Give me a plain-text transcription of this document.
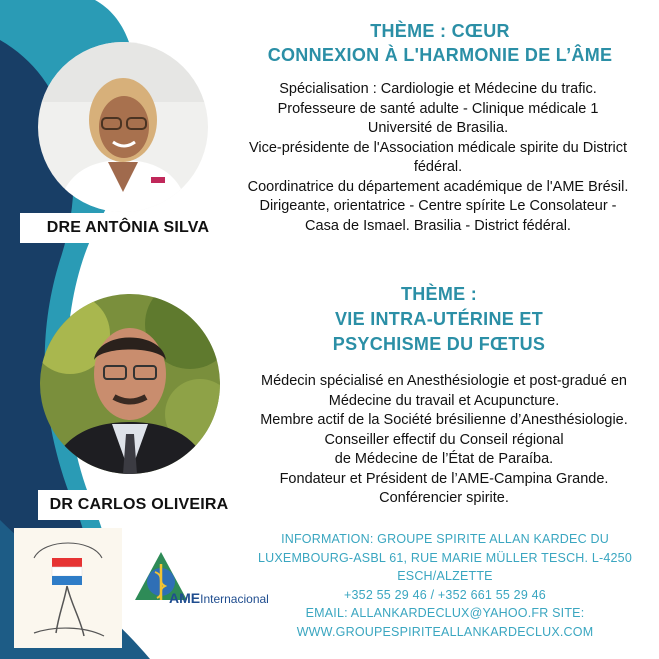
DRE ANTÔNIA SILVA
THÈME : CŒUR
CONNEXION À L'HARMONIE DE L’ÂME
Spécialisation : Cardiologie et Médecine du trafic.
Professeure de santé adulte - Clinique médicale 1
Université de Brasilia.
Vice-présidente de l'Association médicale spirite du District
fédéral.
Coordinatrice du département académique de l'AME Brésil.
Dirigeante, orientatrice - Centre spírite Le Consolateur -
Casa de Ismael. Brasilia - District fédéral.
DR CARLOS OLIVEIRA
THÈME :
VIE INTRA-UTÉRINE ET
PSYCHISME DU FŒTUS
Médecin spécialisé en Anesthésiologie et post-gradué en
Médecine du travail et Acupuncture.
Membre actif de la Société brésilienne d’Anesthésiologie.
Conseiller effectif du Conseil régional
de Médecine de l’État de Paraíba.
Fondateur et Président de l’AME-Campina Grande.
Conférencier spirite.
INFORMATION: GROUPE SPIRITE ALLAN KARDEC DU
LUXEMBOURG-ASBL 61, RUE MARIE MÜLLER TESCH. L-4250
ESCH/ALZETTE
+352 55 29 46 / +352 661 55 29 46
EMAIL: ALLANKARDECLUX@YAHOO.FR SITE:
WWW.GROUPESPIRITEALLANKARDECLUX.COM
AMEInternacional
